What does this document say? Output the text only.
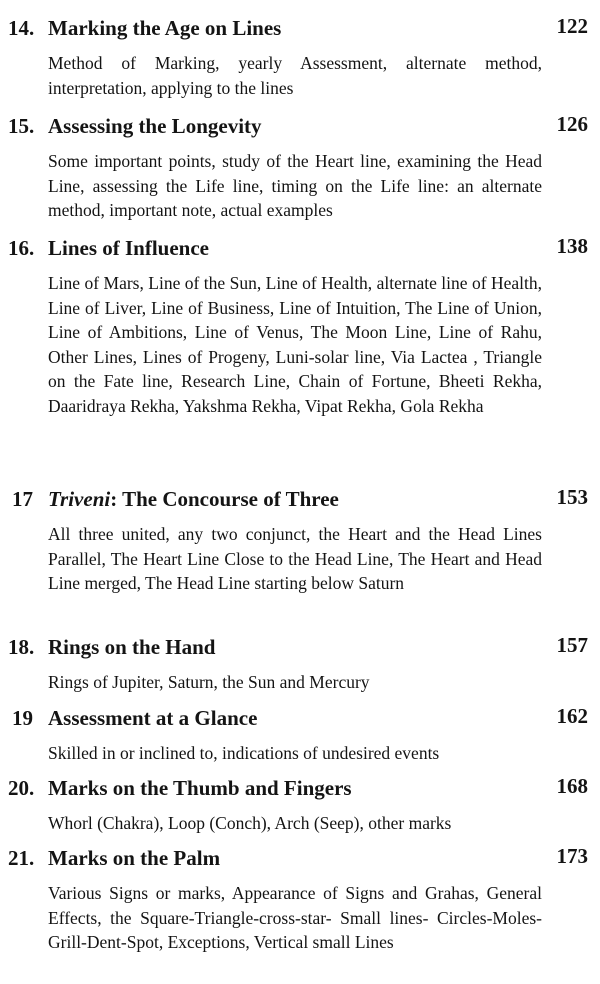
14. Marking the Age on Lines	122
Method of Marking, yearly Assessment, alternate method, interpretation, applying to the lines
15. Assessing the Longevity	126
Some important points, study of the Heart line, examining the Head Line, assessing the Life line, timing on the Life line: an alternate method, important note, actual examples
16. Lines of Influence	138
Line of Mars, Line of the Sun, Line of Health, alternate line of Health, Line of Liver, Line of Business, Line of Intuition, The Line of Union, Line of Ambitions, Line of Venus, The Moon Line, Line of Rahu, Other Lines, Lines of Progeny, Luni-solar line, Via Lactea , Triangle on the Fate line, Research Line, Chain of Fortune, Bheeti Rekha, Daaridraya Rekha, Yakshma Rekha, Vipat Rekha, Gola Rekha
17 Triveni: The Concourse of Three	153
All three united, any two conjunct, the Heart and the Head Lines Parallel, The Heart Line Close to the Head Line, The Heart and Head Line merged, The Head Line starting below Saturn
18. Rings on the Hand	157
Rings of Jupiter, Saturn, the Sun and Mercury
19 Assessment at a Glance	162
Skilled in or inclined to, indications of undesired events
20. Marks on the Thumb and Fingers	168
Whorl (Chakra), Loop (Conch), Arch (Seep), other marks
21. Marks on the Palm	173
Various Signs or marks, Appearance of Signs and Grahas, General Effects, the Square-Triangle-cross-star- Small lines- Circles-Moles-Grill-Dent-Spot, Exceptions, Vertical small Lines
